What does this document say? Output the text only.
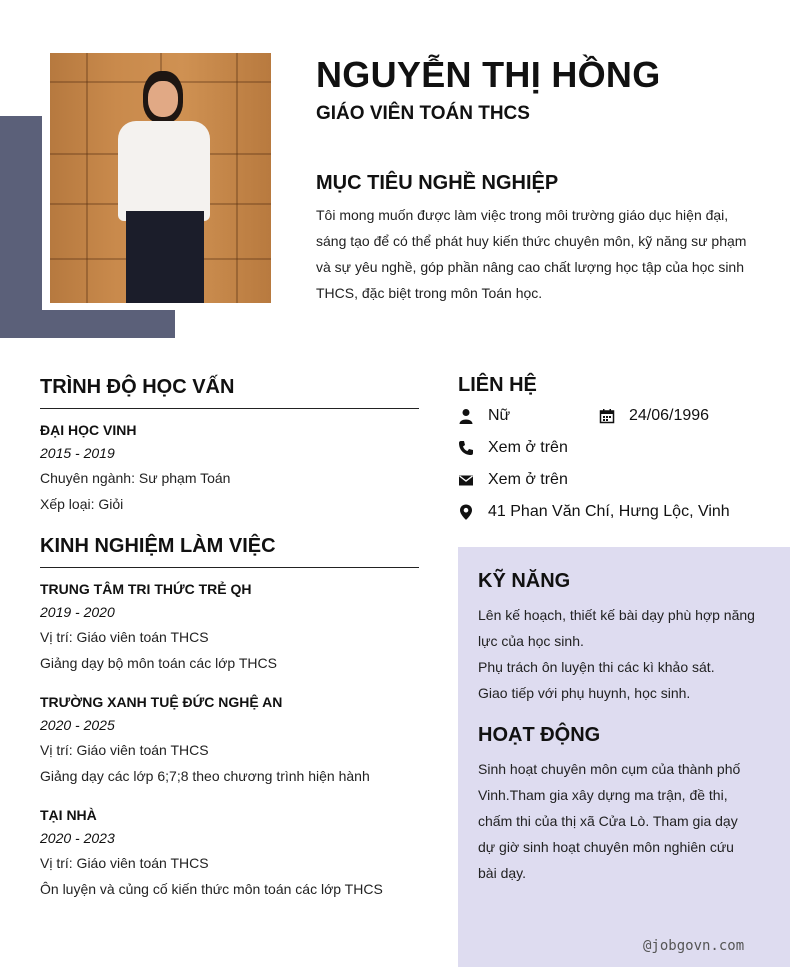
NGUYỄN THỊ HỒNG
GIÁO VIÊN TOÁN THCS
MỤC TIÊU NGHỀ NGHIỆP
Tôi mong muốn được làm việc trong môi trường giáo dục hiện đại,
sáng tạo để có thể phát huy kiến thức chuyên môn, kỹ năng sư phạm
và sự yêu nghề, góp phần nâng cao chất lượng học tập của học sinh
THCS, đặc biệt trong môn Toán học.
TRÌNH ĐỘ HỌC VẤN
ĐẠI HỌC VINH
2015 - 2019
Chuyên ngành: Sư phạm Toán
Xếp loại: Giỏi
KINH NGHIỆM LÀM VIỆC
TRUNG TÂM TRI THỨC TRẺ QH
2019 - 2020
Vị trí: Giáo viên toán THCS
Giảng dạy bộ môn toán các lớp THCS
TRƯỜNG XANH TUỆ ĐỨC NGHỆ AN
2020 - 2025
Vị trí: Giáo viên toán THCS
Giảng dạy các lớp 6;7;8 theo chương trình hiện hành
TẠI NHÀ
2020 - 2023
Vị trí: Giáo viên toán THCS
Ôn luyện và củng cố kiến thức môn toán các lớp THCS
LIÊN HỆ
Nữ	24/06/1996
Xem ở trên
Xem ở trên
41 Phan Văn Chí, Hưng Lộc, Vinh
KỸ NĂNG
Lên kế hoạch, thiết kế bài dạy phù hợp năng
lực của học sinh.
Phụ trách ôn luyện thi các kì khảo sát.
Giao tiếp với phụ huynh, học sinh.
HOẠT ĐỘNG
Sinh hoạt chuyên môn cụm của thành phố
Vinh.Tham gia xây dựng ma trận, đề thi,
chấm thi của thị xã Cửa Lò. Tham gia dạy
dự giờ sinh hoạt chuyên môn nghiên cứu
bài dạy.
@jobgovn.com
